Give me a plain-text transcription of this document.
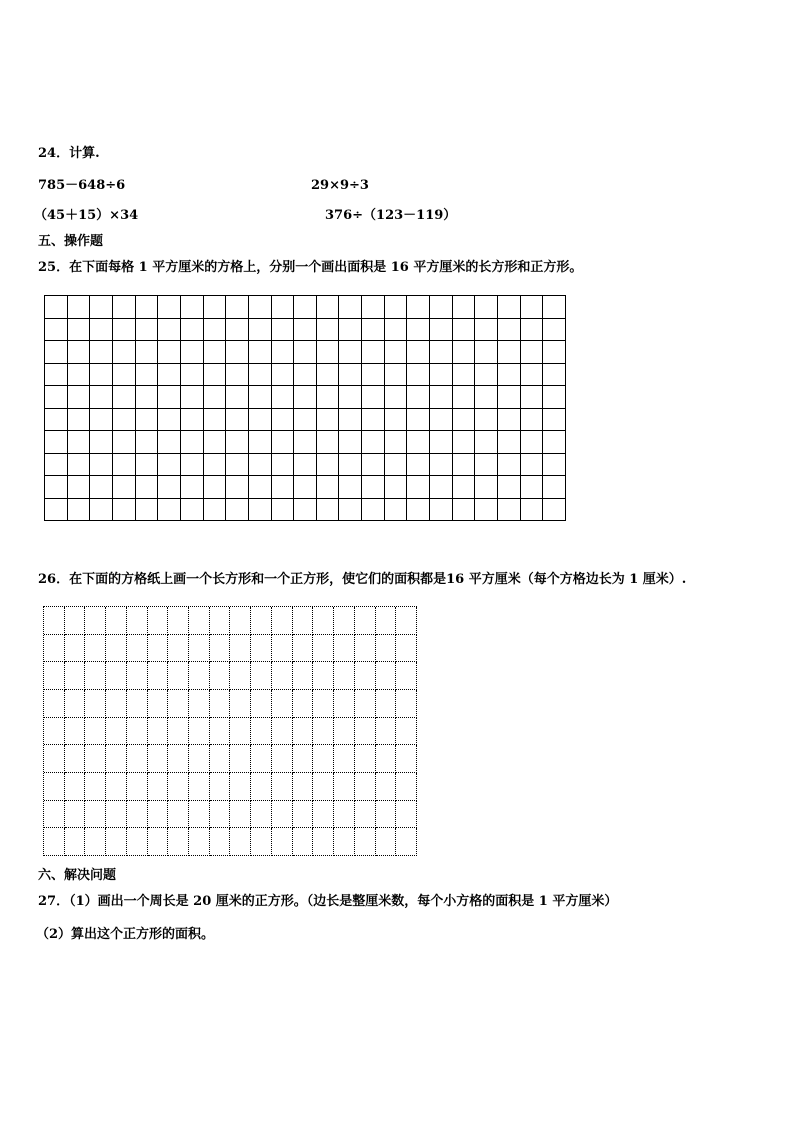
24．计算.
785－648÷6	29×9÷3
（45＋15）×34	376÷（123－119）
五、操作题
25．在下面每格 1 平方厘米的方格上，分别一个画出面积是 16 平方厘米的长方形和正方形。
26．在下面的方格纸上画一个长方形和一个正方形，使它们的面积都是16 平方厘米（每个方格边长为 1 厘米）.
六、解决问题
27．（1）画出一个周长是 20 厘米的正方形。（边长是整厘米数，每个小方格的面积是 1 平方厘米）
（2）算出这个正方形的面积。
